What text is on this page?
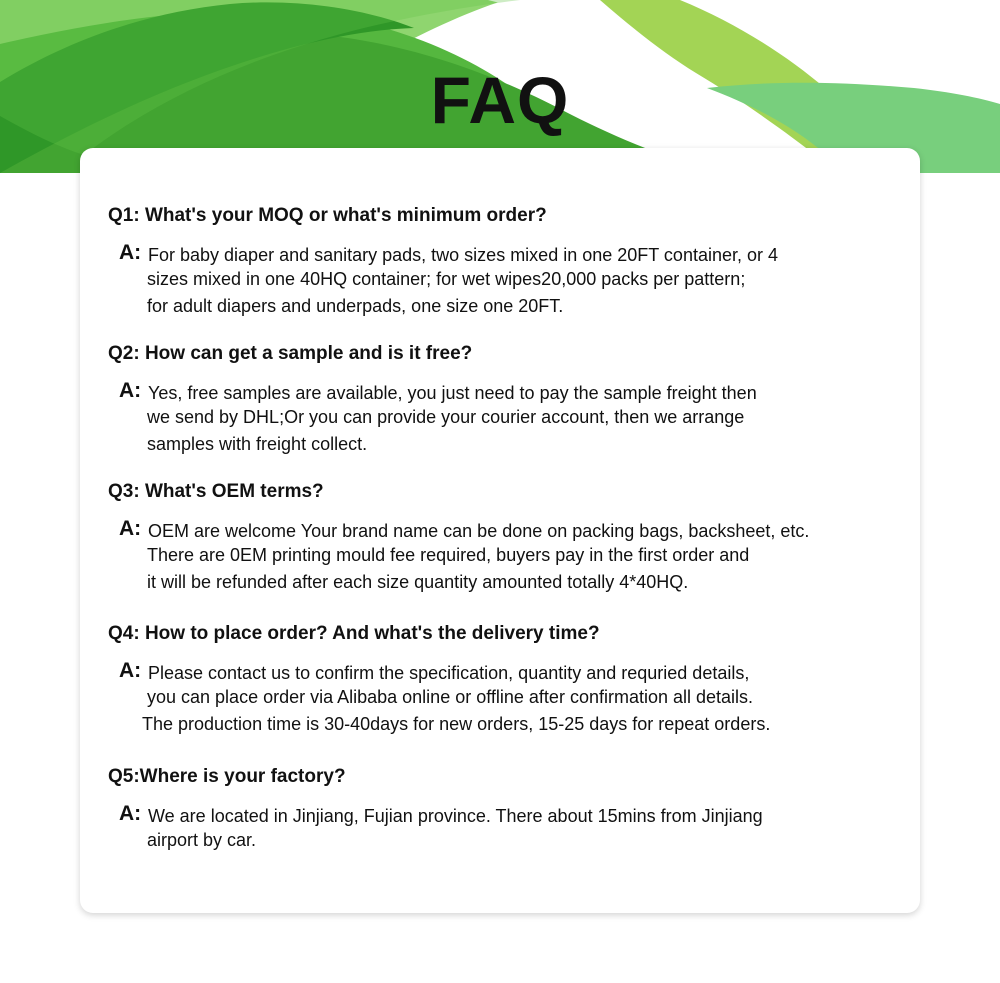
FAQ
Q1: What's your MOQ or what's minimum order?
A: For baby diaper and sanitary pads, two sizes mixed in one 20FT container, or 4

sizes mixed in one 40HQ container; for wet wipes20,000 packs per pattern;

for adult diapers and underpads, one size one 20FT.

Q2: How can get a sample and is it free?
A: Yes, free samples are available, you just need to pay the sample freight then

we send by DHL;Or you can provide your courier account, then we arrange

samples with freight collect.

Q3: What's OEM terms?
A: OEM are welcome Your brand name can be done on packing bags, backsheet, etc.

There are 0EM printing mould fee required, buyers pay in the first order and

it will be refunded after each size quantity amounted totally 4*40HQ.

Q4: How to place order? And what's the delivery time?
A: Please contact us to confirm the specification, quantity and requried details,

you can place order via Alibaba online or offline after confirmation all details.

The production time is 30-40days for new orders, 15-25 days for repeat orders.

Q5:Where is your factory?
A: We are located in Jinjiang, Fujian province. There about 15mins from Jinjiang

airport by car.
